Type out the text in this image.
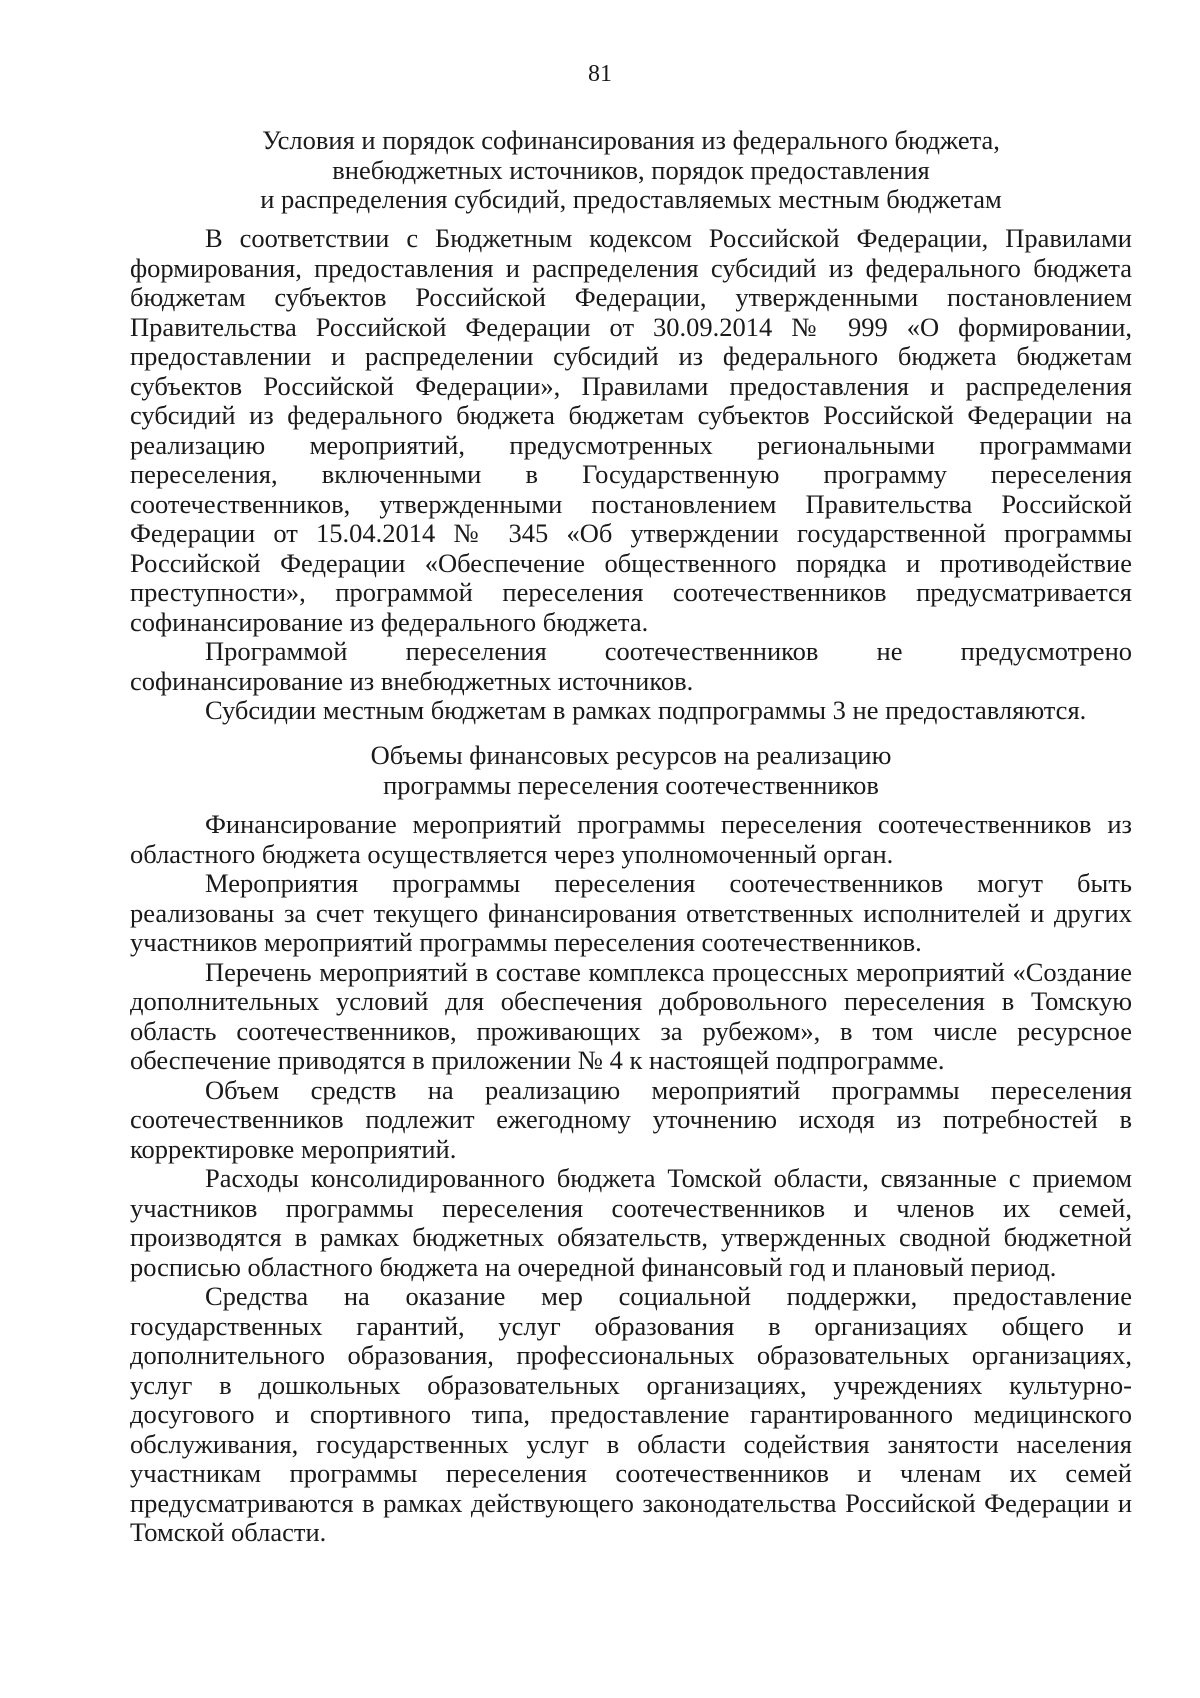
81
Условия и порядок софинансирования из федерального бюджета,
внебюджетных источников, порядок предоставления
и распределения субсидий, предоставляемых местным бюджетам

В соответствии с Бюджетным кодексом Российской Федерации, Правилами формирования, предоставления и распределения субсидий из федерального бюджета бюджетам субъектов Российской Федерации, утвержденными постановлением Правительства Российской Федерации от 30.09.2014 № 999 «О формировании, предоставлении и распределении субсидий из федерального бюджета бюджетам субъектов Российской Федерации», Правилами предоставления и распределения субсидий из федерального бюджета бюджетам субъектов Российской Федерации на реализацию мероприятий, предусмотренных региональными программами переселения, включенными в Государственную программу переселения соотечественников, утвержденными постановлением Правительства Российской Федерации от 15.04.2014 № 345 «Об утверждении государственной программы Российской Федерации «Обеспечение общественного порядка и противодействие преступности», программой переселения соотечественников предусматривается софинансирование из федерального бюджета.

Программой переселения соотечественников не предусмотрено софинансирование из внебюджетных источников.

Субсидии местным бюджетам в рамках подпрограммы 3 не предоставляются.

Объемы финансовых ресурсов на реализацию
программы переселения соотечественников

Финансирование мероприятий программы переселения соотечественников из областного бюджета осуществляется через уполномоченный орган.

Мероприятия программы переселения соотечественников могут быть реализованы за счет текущего финансирования ответственных исполнителей и других участников мероприятий программы переселения соотечественников.

Перечень мероприятий в составе комплекса процессных мероприятий «Создание дополнительных условий для обеспечения добровольного переселения в Томскую область соотечественников, проживающих за рубежом», в том числе ресурсное обеспечение приводятся в приложении № 4 к настоящей подпрограмме.

Объем средств на реализацию мероприятий программы переселения соотечественников подлежит ежегодному уточнению исходя из потребностей в корректировке мероприятий.

Расходы консолидированного бюджета Томской области, связанные с приемом участников программы переселения соотечественников и членов их семей, производятся в рамках бюджетных обязательств, утвержденных сводной бюджетной росписью областного бюджета на очередной финансовый год и плановый период.

Средства на оказание мер социальной поддержки, предоставление государственных гарантий, услуг образования в организациях общего и дополнительного образования, профессиональных образовательных организациях, услуг в дошкольных образовательных организациях, учреждениях культурно-досугового и спортивного типа, предоставление гарантированного медицинского обслуживания, государственных услуг в области содействия занятости населения участникам программы переселения соотечественников и членам их семей предусматриваются в рамках действующего законодательства Российской Федерации и Томской области.
